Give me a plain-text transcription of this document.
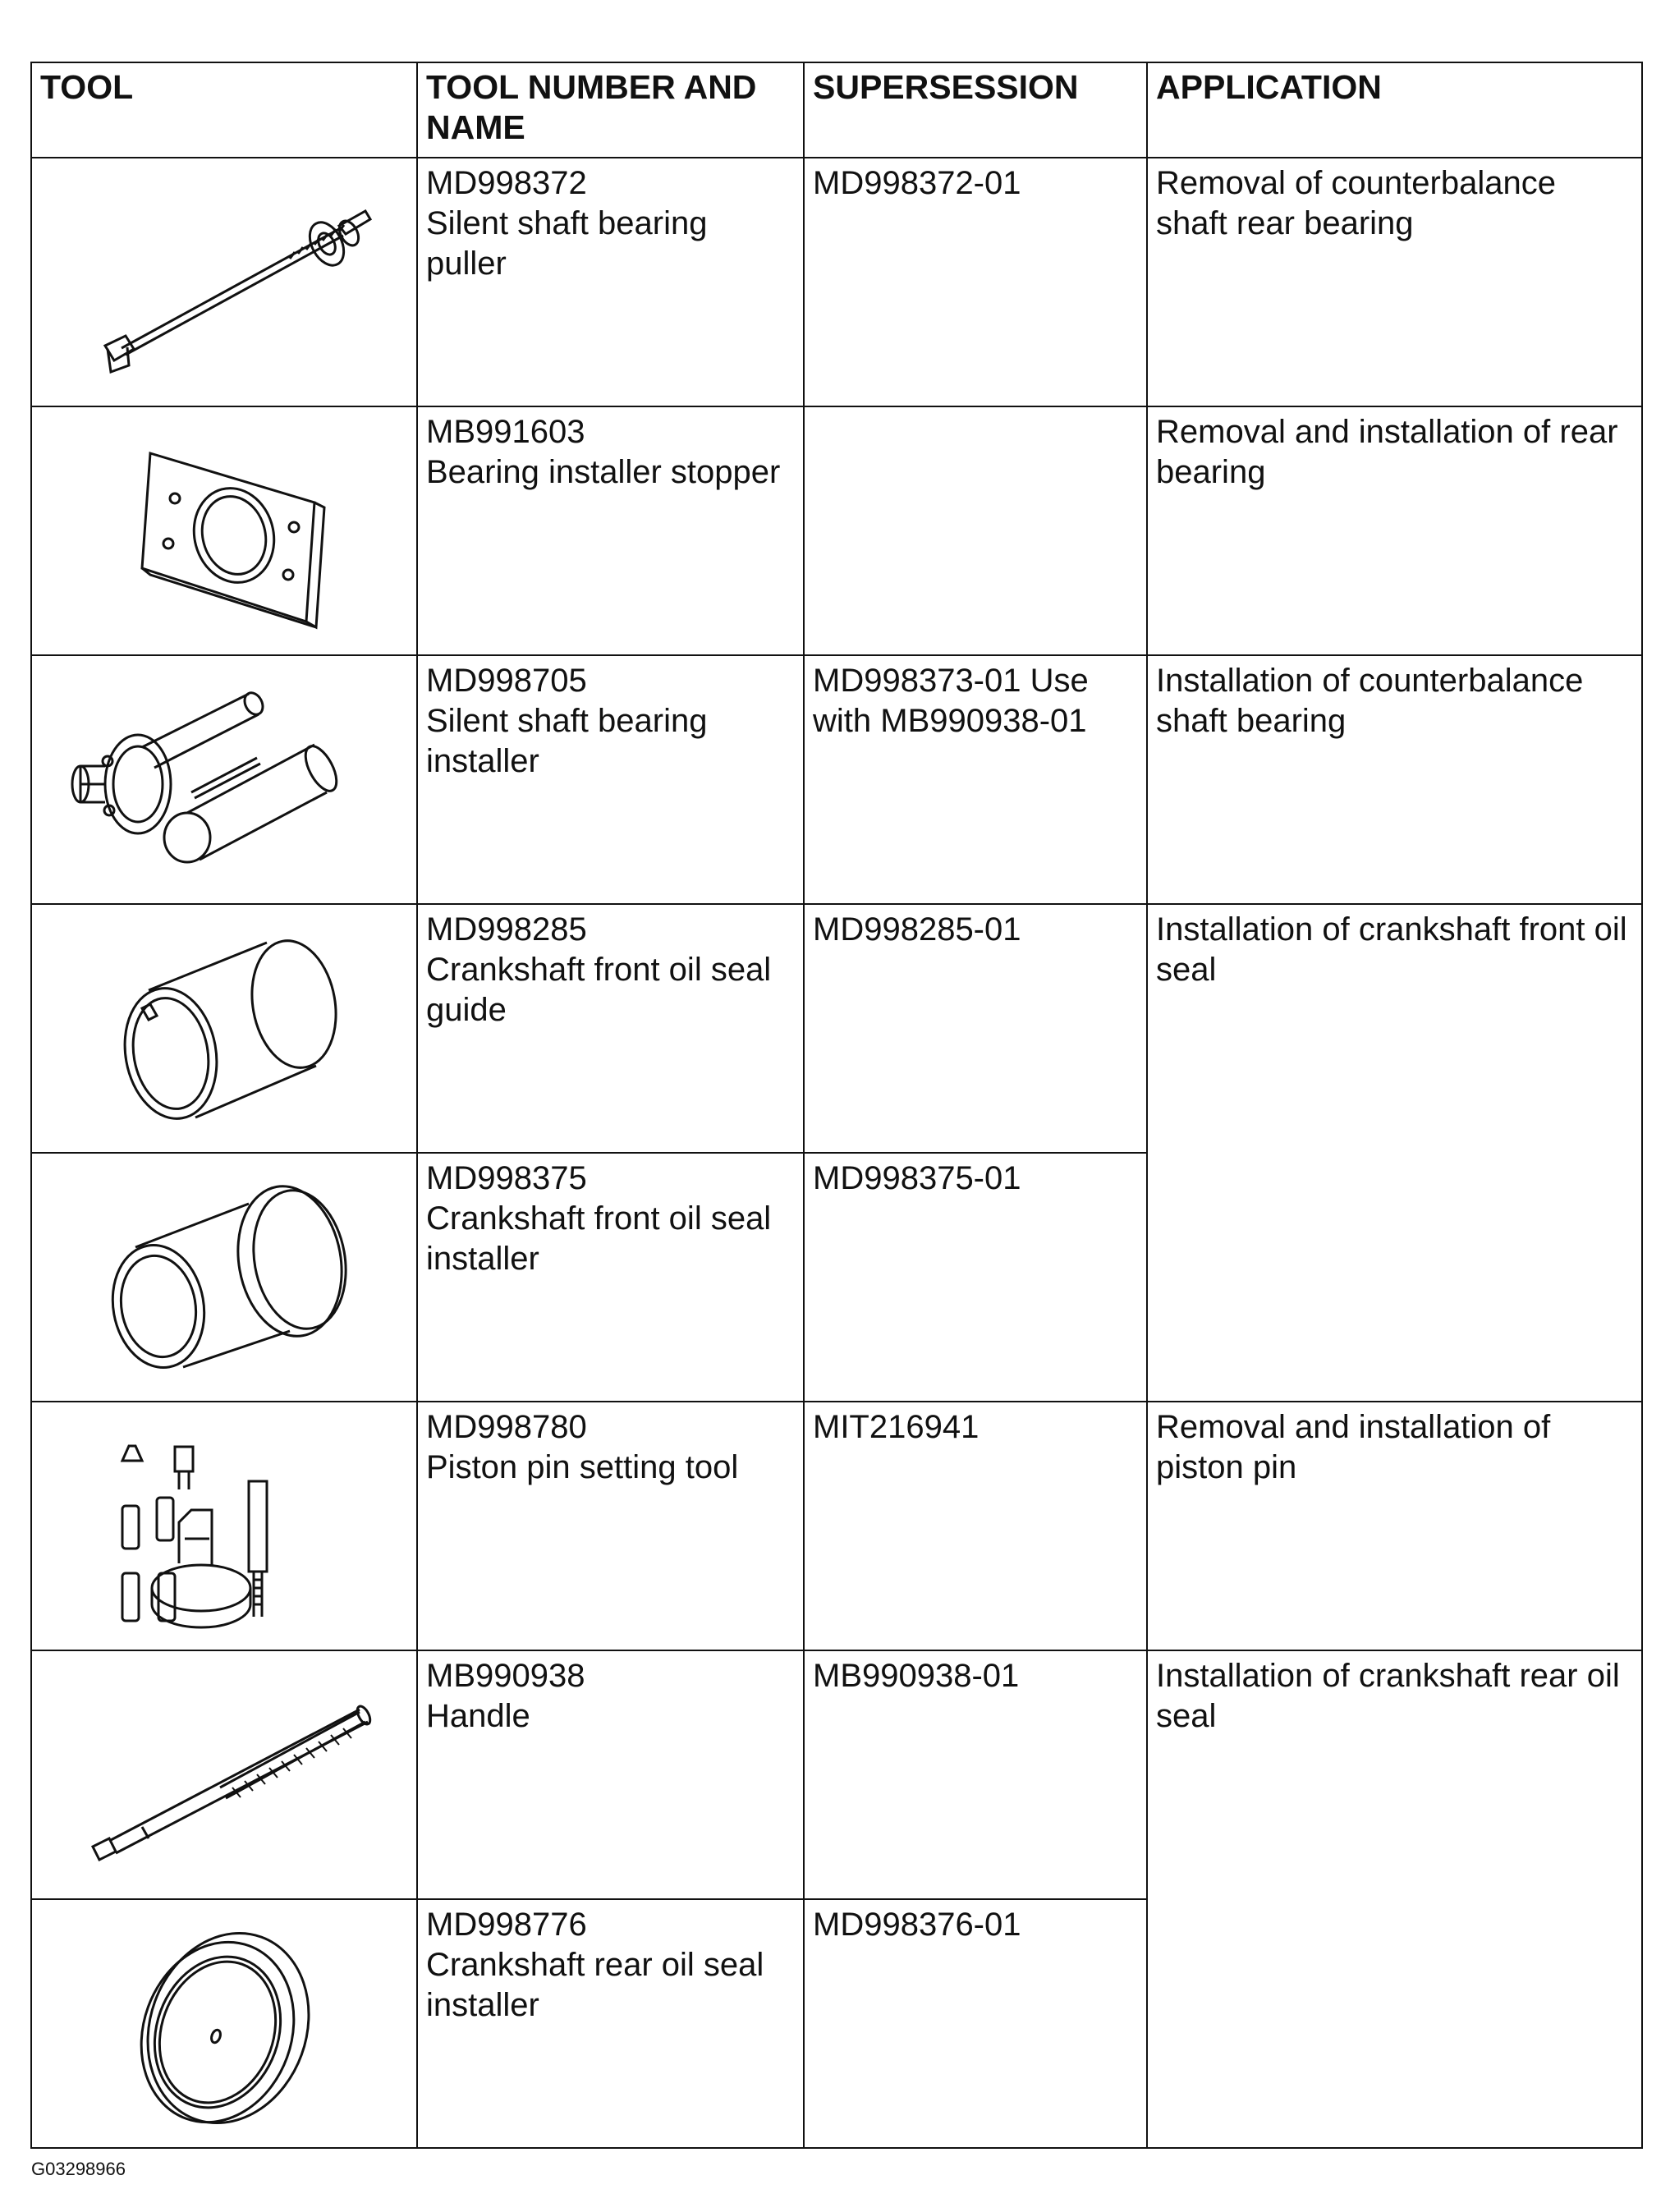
TOOL	TOOL NUMBER AND NAME	SUPERSESSION	APPLICATION

MD998372
Silent shaft bearing puller	MD998372-01	Removal of counterbalance shaft rear bearing

MB991603
Bearing installer stopper		Removal and installation of rear bearing

MD998705
Silent shaft bearing installer	MD998373-01 Use with MB990938-01	Installation of counterbalance shaft bearing

MD998285
Crankshaft front oil seal guide	MD998285-01	Installation of crankshaft front oil seal

MD998375
Crankshaft front oil seal installer	MD998375-01	

MD998780
Piston pin setting tool	MIT216941	Removal and installation of piston pin

MB990938
Handle	MB990938-01	Installation of crankshaft rear oil seal

MD998776
Crankshaft rear oil seal installer	MD998376-01	
G03298966
